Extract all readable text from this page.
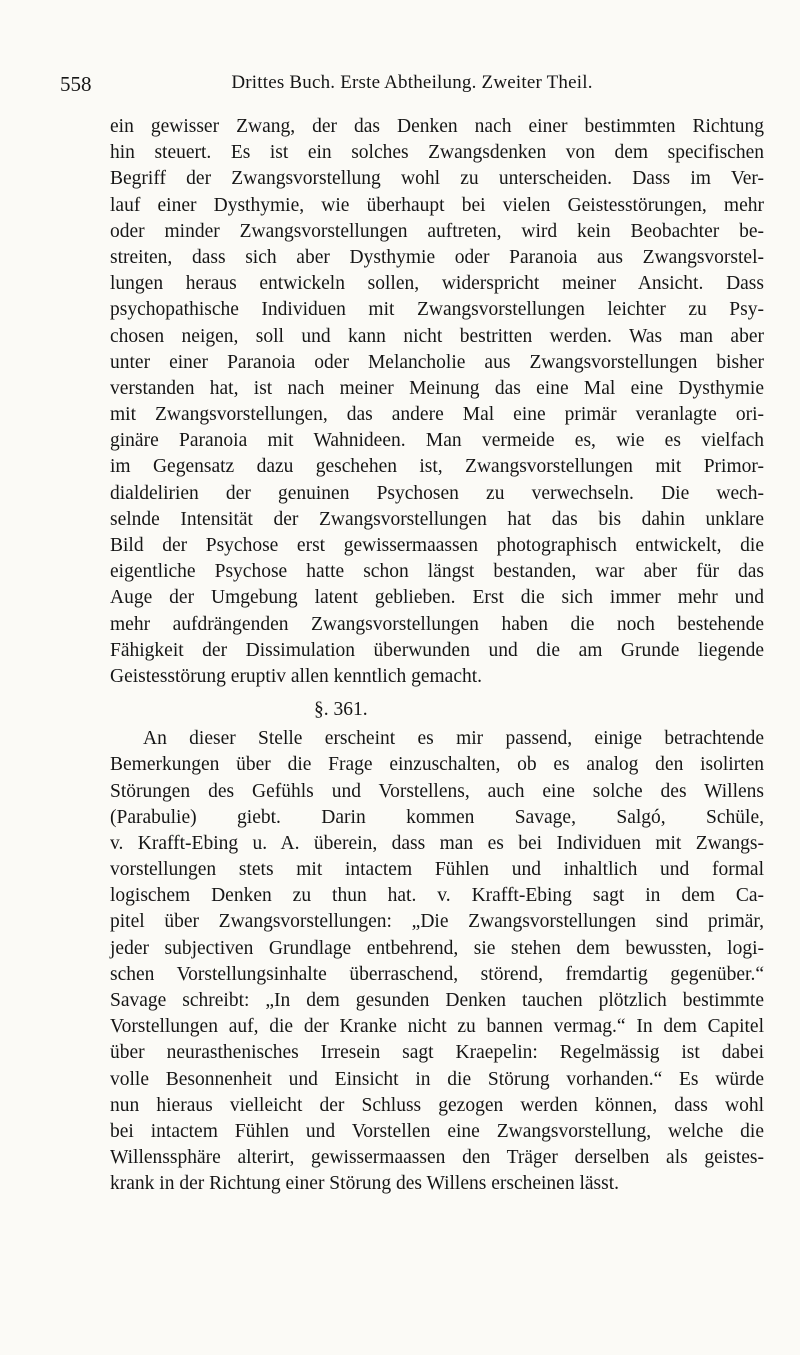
558	Drittes Buch. Erste Abtheilung. Zweiter Theil.
ein gewisser Zwang, der das Denken nach einer bestimmten Richtung
hin steuert. Es ist ein solches Zwangsdenken von dem specifischen
Begriff der Zwangsvorstellung wohl zu unterscheiden. Dass im Ver-
lauf einer Dysthymie, wie überhaupt bei vielen Geistesstörungen, mehr
oder minder Zwangsvorstellungen auftreten, wird kein Beobachter be-
streiten, dass sich aber Dysthymie oder Paranoia aus Zwangsvorstel-
lungen heraus entwickeln sollen, widerspricht meiner Ansicht. Dass
psychopathische Individuen mit Zwangsvorstellungen leichter zu Psy-
chosen neigen, soll und kann nicht bestritten werden. Was man aber
unter einer Paranoia oder Melancholie aus Zwangsvorstellungen bisher
verstanden hat, ist nach meiner Meinung das eine Mal eine Dysthymie
mit Zwangsvorstellungen, das andere Mal eine primär veranlagte ori-
ginäre Paranoia mit Wahnideen. Man vermeide es, wie es vielfach
im Gegensatz dazu geschehen ist, Zwangsvorstellungen mit Primor-
dialdelirien der genuinen Psychosen zu verwechseln. Die wech-
selnde Intensität der Zwangsvorstellungen hat das bis dahin unklare
Bild der Psychose erst gewissermaassen photographisch entwickelt, die
eigentliche Psychose hatte schon längst bestanden, war aber für das
Auge der Umgebung latent geblieben. Erst die sich immer mehr und
mehr aufdrängenden Zwangsvorstellungen haben die noch bestehende
Fähigkeit der Dissimulation überwunden und die am Grunde liegende
Geistesstörung eruptiv allen kenntlich gemacht.
§. 361.
An dieser Stelle erscheint es mir passend, einige betrachtende
Bemerkungen über die Frage einzuschalten, ob es analog den isolirten
Störungen des Gefühls und Vorstellens, auch eine solche des Willens
(Parabulie) giebt. Darin kommen Savage, Salgó, Schüle,
v. Krafft-Ebing u. A. überein, dass man es bei Individuen mit Zwangs-
vorstellungen stets mit intactem Fühlen und inhaltlich und formal
logischem Denken zu thun hat. v. Krafft-Ebing sagt in dem Ca-
pitel über Zwangsvorstellungen: „Die Zwangsvorstellungen sind primär,
jeder subjectiven Grundlage entbehrend, sie stehen dem bewussten, logi-
schen Vorstellungsinhalte überraschend, störend, fremdartig gegenüber.“
Savage schreibt: „In dem gesunden Denken tauchen plötzlich bestimmte
Vorstellungen auf, die der Kranke nicht zu bannen vermag.“ In dem Capitel
über neurasthenisches Irresein sagt Kraepelin: Regelmässig ist dabei
volle Besonnenheit und Einsicht in die Störung vorhanden.“ Es würde
nun hieraus vielleicht der Schluss gezogen werden können, dass wohl
bei intactem Fühlen und Vorstellen eine Zwangsvorstellung, welche die
Willenssphäre alterirt, gewissermaassen den Träger derselben als geistes-
krank in der Richtung einer Störung des Willens erscheinen lässt.
